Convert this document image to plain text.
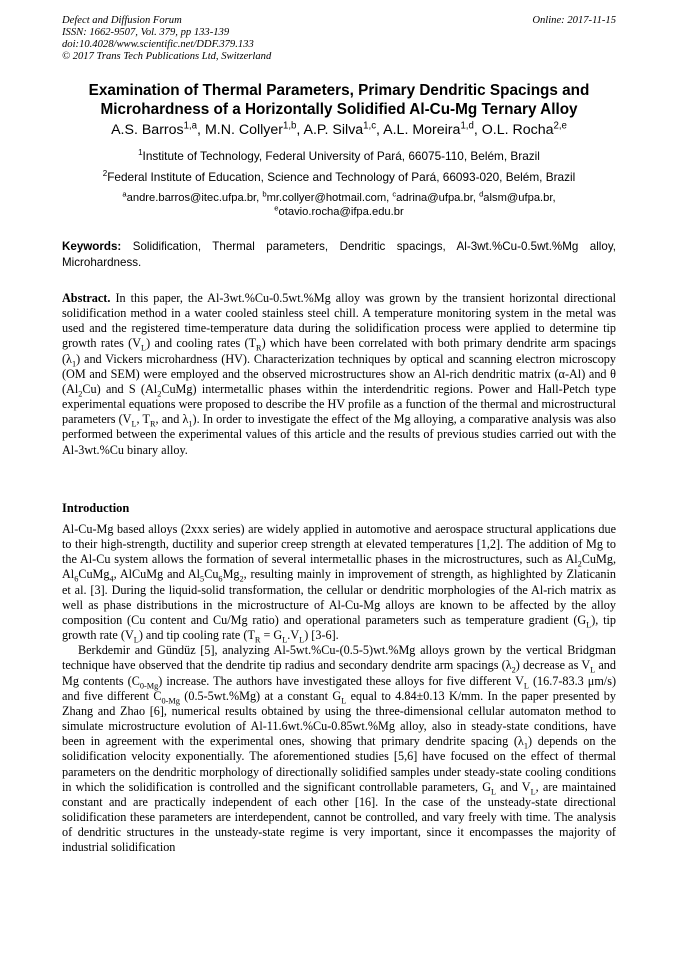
Defect and Diffusion Forum
ISSN: 1662-9507, Vol. 379, pp 133-139
doi:10.4028/www.scientific.net/DDF.379.133
© 2017 Trans Tech Publications Ltd, Switzerland
Online: 2017-11-15
Examination of Thermal Parameters, Primary Dendritic Spacings and Microhardness of a Horizontally Solidified Al-Cu-Mg Ternary Alloy
A.S. Barros$^{1,a}$, M.N. Collyer$^{1,b}$, A.P. Silva$^{1,c}$, A.L. Moreira$^{1,d}$, O.L. Rocha$^{2,e}$
$^1$Institute of Technology, Federal University of Pará, 66075-110, Belém, Brazil
$^2$Federal Institute of Education, Science and Technology of Pará, 66093-020, Belém, Brazil
$^a$andre.barros@itec.ufpa.br, $^b$mr.collyer@hotmail.com, $^c$adrina@ufpa.br, $^d$alsm@ufpa.br,
$^e$otavio.rocha@ifpa.edu.br
Keywords: Solidification, Thermal parameters, Dendritic spacings, Al-3wt.%Cu-0.5wt.%Mg alloy, Microhardness.
Abstract. In this paper, the Al-3wt.%Cu-0.5wt.%Mg alloy was grown by the transient horizontal directional solidification method in a water cooled stainless steel chill. A temperature monitoring system in the metal was used and the registered time-temperature data during the solidification process were applied to determine tip growth rates $(V_L)$ and cooling rates $(T_R)$ which have been correlated with both primary dendrite arm spacings $(\lambda_1)$ and Vickers microhardness (HV). Characterization techniques by optical and scanning electron microscopy (OM and SEM) were employed and the observed microstructures show an Al-rich dendritic matrix (α-Al) and θ $(Al_2Cu)$ and S $(Al_2CuMg)$ intermetallic phases within the interdendritic regions. Power and Hall-Petch type experimental equations were proposed to describe the HV profile as a function of the thermal and microstructural parameters ($V_L$, $T_R$, and $\lambda_1$). In order to investigate the effect of the Mg alloying, a comparative analysis was also performed between the experimental values of this article and the results of previous studies carried out with the Al-3wt.%Cu binary alloy.
Introduction

Al-Cu-Mg based alloys (2xxx series) are widely applied in automotive and aerospace structural applications due to their high-strength, ductility and superior creep strength at elevated temperatures [1,2]. The addition of Mg to the Al-Cu system allows the formation of several intermetallic phases in the microstructures, such as $Al_2CuMg$, $Al_6CuMg_4$, AlCuMg and $Al_5Cu_6Mg_2$, resulting mainly in improvement of strength, as highlighted by Zlaticanin et al. [3]. During the liquid-solid transformation, the cellular or dendritic morphologies of the Al-rich matrix as well as phase distributions in the microstructure of Al-Cu-Mg alloys are known to be affected by the alloy composition (Cu content and Cu/Mg ratio) and operational parameters such as temperature gradient $(G_L)$, tip growth rate $(V_L)$ and tip cooling rate $(T_R = G_L.V_L)$ [3-6].

Berkdemir and Gündüz [5], analyzing Al-5wt.%Cu-(0.5-5)wt.%Mg alloys grown by the vertical Bridgman technique have observed that the dendrite tip radius and secondary dendrite arm spacings $(\lambda_2)$ decrease as $V_L$ and Mg contents $(C_{0-Mg})$ increase. The authors have investigated these alloys for five different $V_L$ (16.7-83.3 μm/s) and five different $C_{0-Mg}$ (0.5-5wt.%Mg) at a constant $G_L$ equal to 4.84±0.13 K/mm. In the paper presented by Zhang and Zhao [6], numerical results obtained by using the three-dimensional cellular automaton method to simulate microstructure evolution of Al-11.6wt.%Cu-0.85wt.%Mg alloy, also in steady-state conditions, have been in agreement with the experimental ones, showing that primary dendrite spacing $(\lambda_1)$ depends on the solidification velocity exponentially. The aforementioned studies [5,6] have focused on the effect of thermal parameters on the dendritic morphology of directionally solidified samples under steady-state cooling conditions in which the solidification is controlled and the significant controllable parameters, $G_L$ and $V_L$, are maintained constant and are practically independent of each other [16]. In the case of the unsteady-state directional solidification these parameters are interdependent, cannot be controlled, and vary freely with time. The analysis of dendritic structures in the unsteady-state regime is very important, since it encompasses the majority of industrial solidification
